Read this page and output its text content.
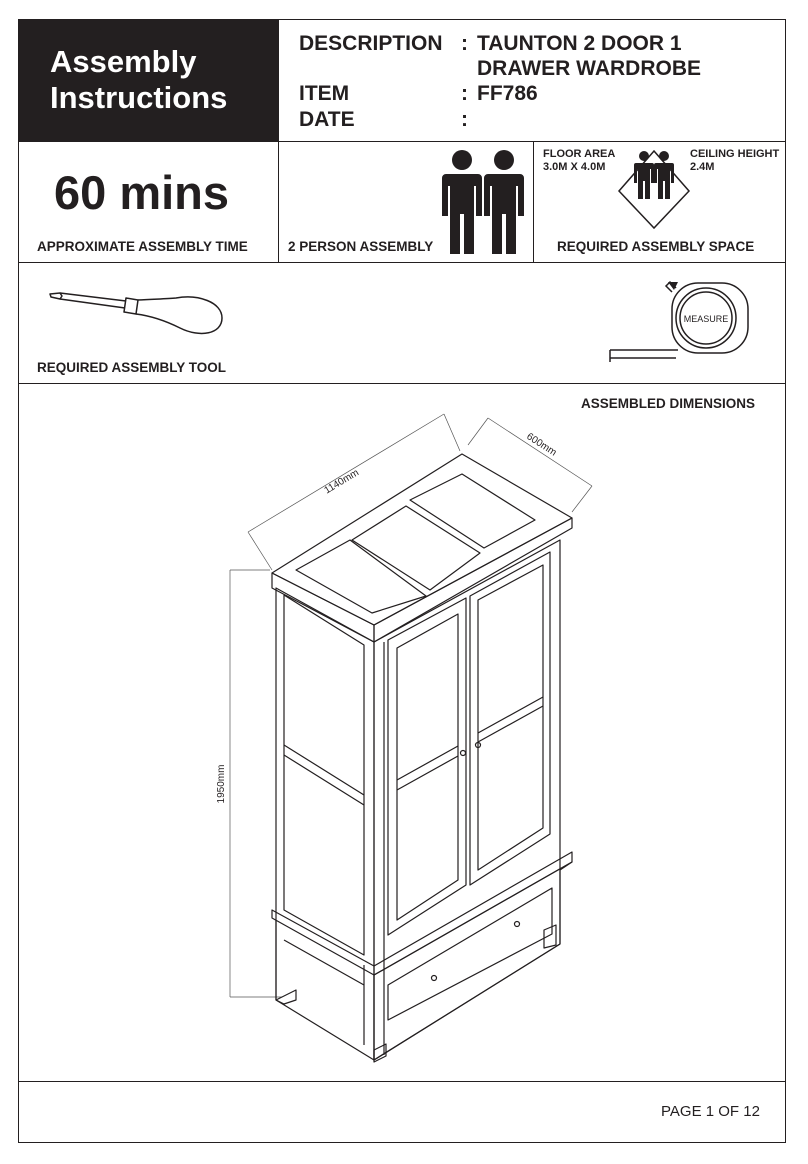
Assembly
Instructions
DESCRIPTION : TAUNTON 2 DOOR 1
DRAWER WARDROBE
ITEM	: FF786
DATE	:
60 mins
APPROXIMATE ASSEMBLY TIME	2 PERSON ASSEMBLY
FLOOR AREA
3.0M X 4.0M
CEILING HEIGHT
2.4M
REQUIRED ASSEMBLY SPACE
REQUIRED ASSEMBLY TOOL
MEASURE
ASSEMBLED DIMENSIONS
1140mm
600mm
1950mm
PAGE 1 OF 12
